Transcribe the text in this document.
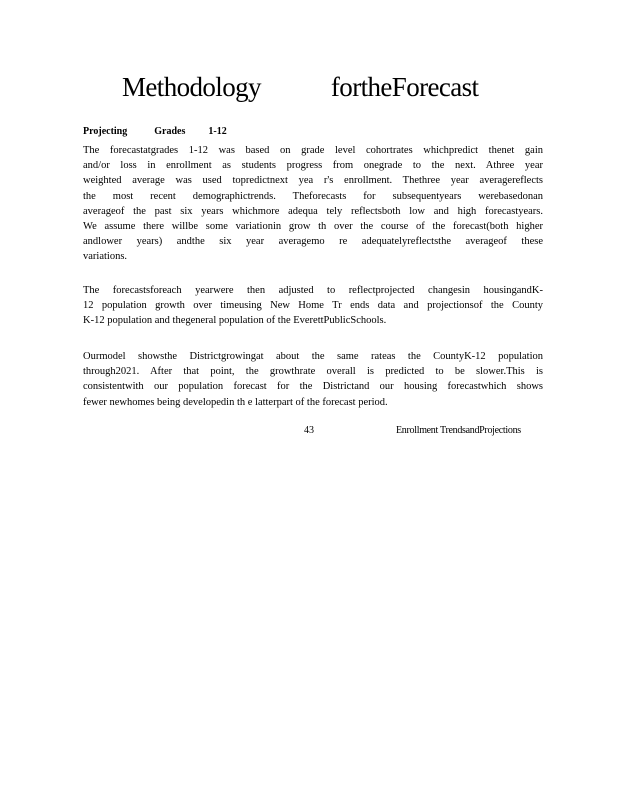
Methodology	fortheForecast
Projecting	Grades 1-12

The forecastatgrades 1-12 was based on grade level cohortrates whichpredict thenet gain
and/or loss in enrollment as students progress from onegrade to the next. Athree year
weighted average was used topredictnext yea r's enrollment. Thethree year averagereflects
the most recent demographictrends. Theforecasts for subsequentyears werebasedonan
averageof the past six years whichmore adequa tely reflectsboth low and high forecastyears.
We assume there willbe some variationin grow th over the course of the forecast(both higher
andlower years) andthe six year averagemo re adequatelyreflectsthe averageof these
variations.

The forecastsforeach yearwere then adjusted to reflectprojected changesin housingandK-
12 population growth over timeusing New Home Tr ends data and projectionsof the County
K-12 population and thegeneral population of the EverettPublicSchools.

Ourmodel showsthe Districtgrowingat about the same rateas the CountyK-12 population
through2021. After that point, the growthrate overall is predicted to be slower.This is
consistentwith our population forecast for the Districtand our housing forecastwhich shows
fewer newhomes being developedin th e latterpart of the forecast period.

43	Enrollment TrendsandProjections
